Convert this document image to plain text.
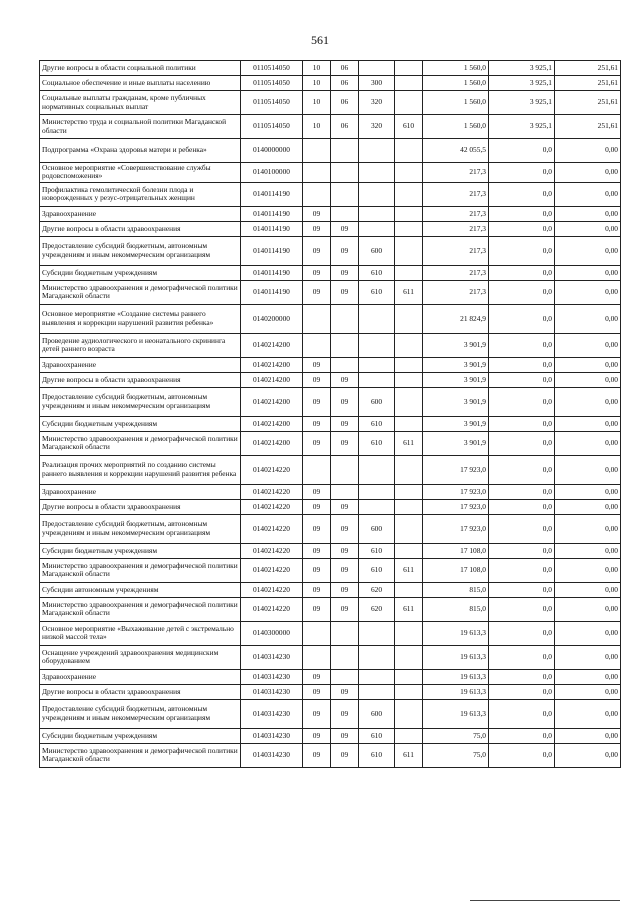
561
Другие вопросы в области социальной политики	0110514050	10	06			1 560,0	3 925,1	251,61
Социальное обеспечение и иные выплаты населению	0110514050	10	06	300		1 560,0	3 925,1	251,61
Социальные выплаты гражданам, кроме публичных нормативных социальных выплат	0110514050	10	06	320		1 560,0	3 925,1	251,61
Министерство труда и социальной политики Магаданской области	0110514050	10	06	320	610	1 560,0	3 925,1	251,61
Подпрограмма «Охрана здоровья матери и ребенка»	0140000000					42 055,5	0,0	0,00
Основное мероприятие «Совершенствование службы родовспоможения»	0140100000					217,3	0,0	0,00
Профилактика гемолитической болезни плода и новорожденных у резус-отрицательных женщин	0140114190					217,3	0,0	0,00
Здравоохранение	0140114190	09				217,3	0,0	0,00
Другие вопросы в области здравоохранения	0140114190	09	09			217,3	0,0	0,00
Предоставление субсидий бюджетным, автономным учреждениям и иным некоммерческим организациям	0140114190	09	09	600		217,3	0,0	0,00
Субсидии бюджетным учреждениям	0140114190	09	09	610		217,3	0,0	0,00
Министерство здравоохранения и демографической политики Магаданской области	0140114190	09	09	610	611	217,3	0,0	0,00
Основное мероприятие «Создание системы раннего выявления и коррекции нарушений развития ребенка»	0140200000					21 824,9	0,0	0,00
Проведение аудиологического и неонатального скрининга детей раннего возраста	0140214200					3 901,9	0,0	0,00
Здравоохранение	0140214200	09				3 901,9	0,0	0,00
Другие вопросы в области здравоохранения	0140214200	09	09			3 901,9	0,0	0,00
Предоставление субсидий бюджетным, автономным учреждениям и иным некоммерческим организациям	0140214200	09	09	600		3 901,9	0,0	0,00
Субсидии бюджетным учреждениям	0140214200	09	09	610		3 901,9	0,0	0,00
Министерство здравоохранения и демографической политики Магаданской области	0140214200	09	09	610	611	3 901,9	0,0	0,00
Реализация прочих мероприятий по созданию системы раннего выявления и коррекции нарушений развития ребенка	0140214220					17 923,0	0,0	0,00
Здравоохранение	0140214220	09				17 923,0	0,0	0,00
Другие вопросы в области здравоохранения	0140214220	09	09			17 923,0	0,0	0,00
Предоставление субсидий бюджетным, автономным учреждениям и иным некоммерческим организациям	0140214220	09	09	600		17 923,0	0,0	0,00
Субсидии бюджетным учреждениям	0140214220	09	09	610		17 108,0	0,0	0,00
Министерство здравоохранения и демографической политики Магаданской области	0140214220	09	09	610	611	17 108,0	0,0	0,00
Субсидии автономным учреждениям	0140214220	09	09	620		815,0	0,0	0,00
Министерство здравоохранения и демографической политики Магаданской области	0140214220	09	09	620	611	815,0	0,0	0,00
Основное мероприятие «Выхаживание детей с экстремально низкой массой тела»	0140300000					19 613,3	0,0	0,00
Оснащение учреждений здравоохранения медицинским оборудованием	0140314230					19 613,3	0,0	0,00
Здравоохранение	0140314230	09				19 613,3	0,0	0,00
Другие вопросы в области здравоохранения	0140314230	09	09			19 613,3	0,0	0,00
Предоставление субсидий бюджетным, автономным учреждениям и иным некоммерческим организациям	0140314230	09	09	600		19 613,3	0,0	0,00
Субсидии бюджетным учреждениям	0140314230	09	09	610		75,0	0,0	0,00
Министерство здравоохранения и демографической политики Магаданской области	0140314230	09	09	610	611	75,0	0,0	0,00
